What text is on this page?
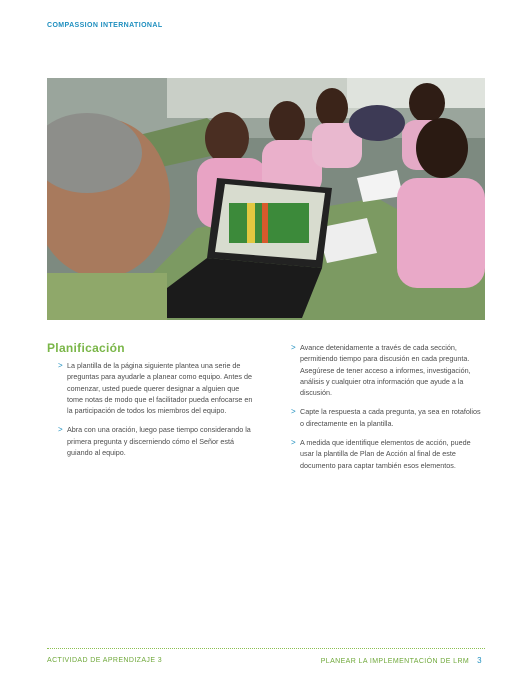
COMPASSION INTERNATIONAL
Planificación
> La plantilla de la página siguiente plantea una serie de preguntas para ayudarle a planear como equipo. Antes de comenzar, usted puede querer designar a alguien que tome notas de modo que el facilitador pueda enfocarse en la participación de todos los miembros del equipo.
> Abra con una oración, luego pase tiempo considerando la primera pregunta y discerniendo cómo el Señor está guiando al equipo.
> Avance detenidamente a través de cada sección, permitiendo tiempo para discusión en cada pregunta. Asegúrese de tener acceso a informes, investigación, análisis y cualquier otra información que ayude a la discusión.
> Capte la respuesta a cada pregunta, ya sea en rotafolios o directamente en la plantilla.
> A medida que identifique elementos de acción, puede usar la plantilla de Plan de Acción al final de este documento para captar también esos elementos.
ACTIVIDAD DE APRENDIZAJE 3	PLANEAR LA IMPLEMENTACIÓN DE LRM 3
